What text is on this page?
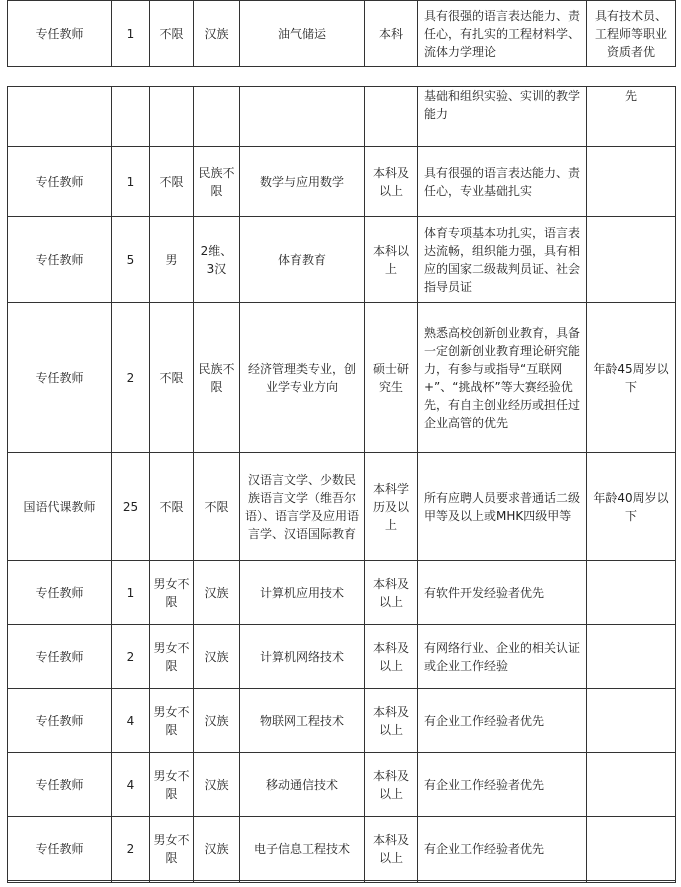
专任教师	1	不限	汉族	油气储运	本科	具有很强的语言表达能力、责任心，有扎实的工程材料学、流体力学理论	具有技术员、工程师等职业资质者优
						基础和组织实验、实训的教学能力	先
专任教师	1	不限	民族不限	数学与应用数学	本科及以上	具有很强的语言表达能力、责任心，专业基础扎实	
专任教师	5	男	2维、3汉	体育教育	本科以上	体育专项基本功扎实，语言表达流畅，组织能力强，具有相应的国家二级裁判员证、社会指导员证	
专任教师	2	不限	民族不限	经济管理类专业，创业学专业方向	硕士研究生	熟悉高校创新创业教育，具备一定创新创业教育理论研究能力，有参与或指导“互联网+”、“挑战杯”等大赛经验优先，有自主创业经历或担任过企业高管的优先	年龄45周岁以下
国语代课教师	25	不限	不限	汉语言文学、少数民族语言文学（维吾尔语）、语言学及应用语言学、汉语国际教育	本科学历及以上	所有应聘人员要求普通话二级甲等及以上或MHK四级甲等	年龄40周岁以下
专任教师	1	男女不限	汉族	计算机应用技术	本科及以上	有软件开发经验者优先	
专任教师	2	男女不限	汉族	计算机网络技术	本科及以上	有网络行业、企业的相关认证或企业工作经验	
专任教师	4	男女不限	汉族	物联网工程技术	本科及以上	有企业工作经验者优先	
专任教师	4	男女不限	汉族	移动通信技术	本科及以上	有企业工作经验者优先	
专任教师	2	男女不限	汉族	电子信息工程技术	本科及以上	有企业工作经验者优先	
